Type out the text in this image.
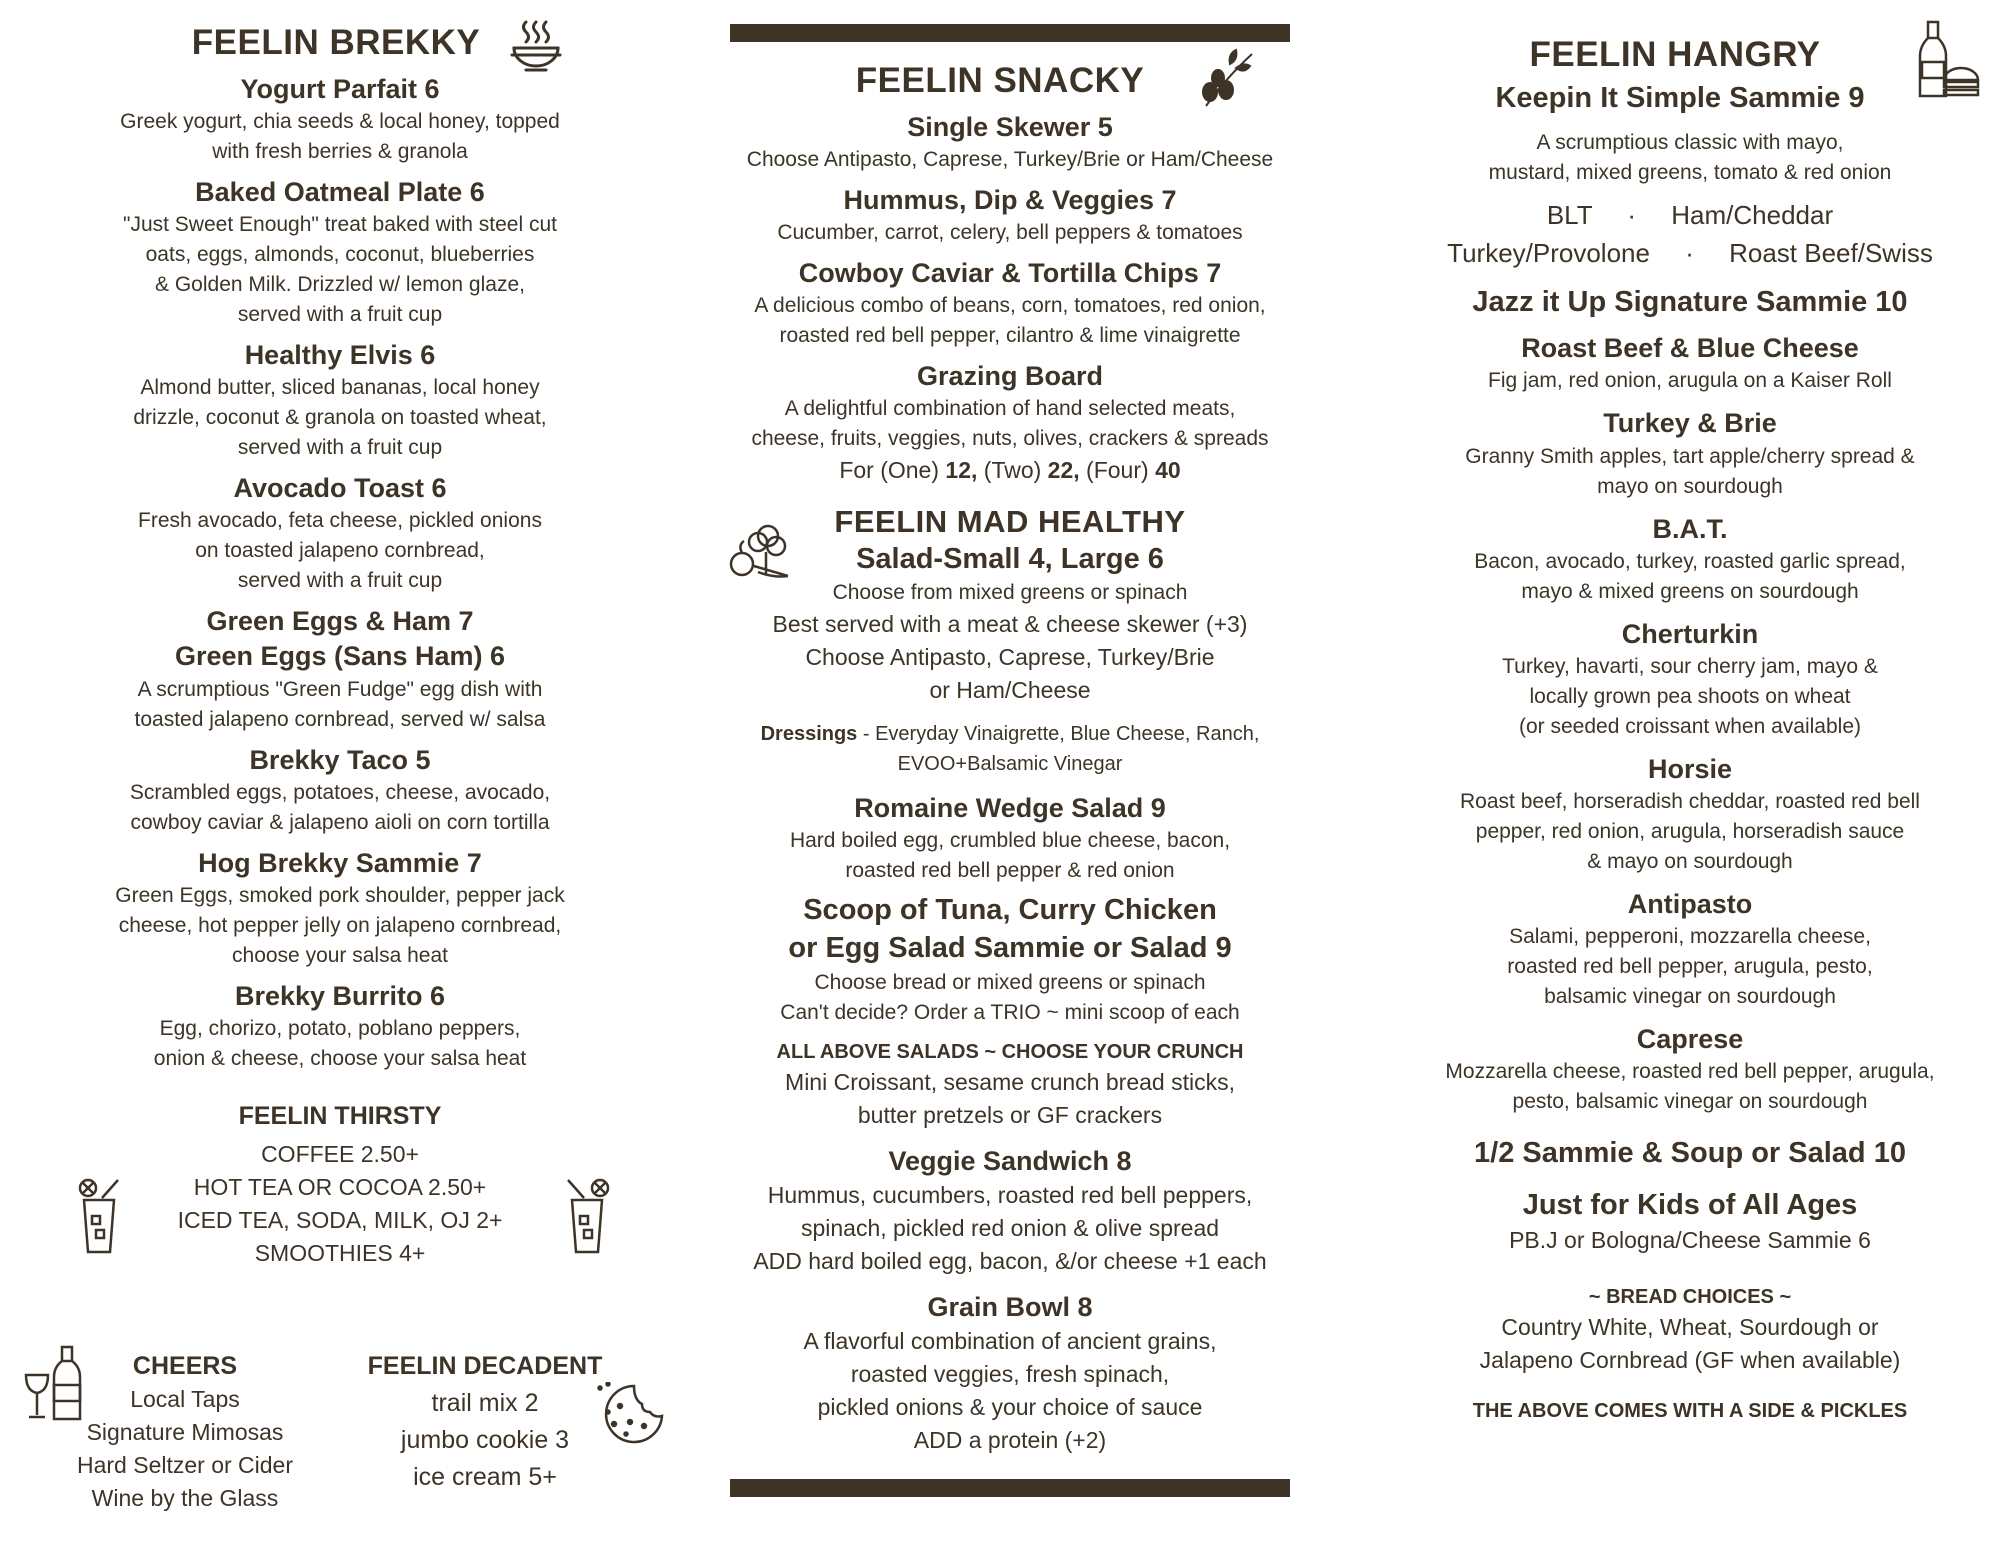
FEELIN BREKKY
Yogurt Parfait 6

Greek yogurt, chia seeds & local honey, topped

with fresh berries & granola

Baked Oatmeal Plate 6

"Just Sweet Enough" treat baked with steel cut

oats, eggs, almonds, coconut, blueberries

& Golden Milk. Drizzled w/ lemon glaze,

served with a fruit cup

Healthy Elvis 6

Almond butter, sliced bananas, local honey

drizzle, coconut & granola on toasted wheat,

served with a fruit cup

Avocado Toast 6

Fresh avocado, feta cheese, pickled onions

on toasted jalapeno cornbread,

served with a fruit cup

Green Eggs & Ham 7
Green Eggs (Sans Ham) 6

A scrumptious "Green Fudge" egg dish with

toasted jalapeno cornbread, served w/ salsa

Brekky Taco 5

Scrambled eggs, potatoes, cheese, avocado,

cowboy caviar & jalapeno aioli on corn tortilla

Hog Brekky Sammie 7

Green Eggs, smoked pork shoulder, pepper jack

cheese, hot pepper jelly on jalapeno cornbread,

choose your salsa heat

Brekky Burrito 6

Egg, chorizo, potato, poblano peppers,

onion & cheese, choose your salsa heat

FEELIN THIRSTY

COFFEE 2.50+

HOT TEA OR COCOA 2.50+

ICED TEA, SODA, MILK, OJ 2+

SMOOTHIES 4+

CHEERS

Local Taps

Signature Mimosas

Hard Seltzer or Cider

Wine by the Glass

FEELIN DECADENT

trail mix 2

jumbo cookie 3

ice cream 5+

FEELIN SNACKY
Single Skewer 5

Choose Antipasto, Caprese, Turkey/Brie or Ham/Cheese

Hummus, Dip & Veggies 7

Cucumber, carrot, celery, bell peppers & tomatoes

Cowboy Caviar & Tortilla Chips 7

A delicious combo of beans, corn, tomatoes, red onion,

roasted red bell pepper, cilantro & lime vinaigrette

Grazing Board

A delightful combination of hand selected meats,

cheese, fruits, veggies, nuts, olives, crackers & spreads

For (One) 12, (Two) 22, (Four) 40

FEELIN MAD HEALTHY
Salad-Small 4, Large 6

Choose from mixed greens or spinach

Best served with a meat & cheese skewer (+3)

Choose Antipasto, Caprese, Turkey/Brie

or Ham/Cheese

Dressings - Everyday Vinaigrette, Blue Cheese, Ranch,

EVOO+Balsamic Vinegar

Romaine Wedge Salad 9

Hard boiled egg, crumbled blue cheese, bacon,

roasted red bell pepper & red onion

Scoop of Tuna, Curry Chicken
or Egg Salad Sammie or Salad 9

Choose bread or mixed greens or spinach

Can't decide? Order a TRIO ~ mini scoop of each

ALL ABOVE SALADS ~ CHOOSE YOUR CRUNCH

Mini Croissant, sesame crunch bread sticks,

butter pretzels or GF crackers

Veggie Sandwich 8

Hummus, cucumbers, roasted red bell peppers,

spinach, pickled red onion & olive spread

ADD hard boiled egg, bacon, &/or cheese +1 each

Grain Bowl 8

A flavorful combination of ancient grains,

roasted veggies, fresh spinach,

pickled onions & your choice of sauce

ADD a protein (+2)

FEELIN HANGRY
Keepin It Simple Sammie 9

A scrumptious classic with mayo,

mustard, mixed greens, tomato & red onion

BLT · Ham/Cheddar

Turkey/Provolone · Roast Beef/Swiss

Jazz it Up Signature Sammie 10
Roast Beef & Blue Cheese

Fig jam, red onion, arugula on a Kaiser Roll

Turkey & Brie

Granny Smith apples, tart apple/cherry spread &

mayo on sourdough

B.A.T.

Bacon, avocado, turkey, roasted garlic spread,

mayo & mixed greens on sourdough

Cherturkin

Turkey, havarti, sour cherry jam, mayo &

locally grown pea shoots on wheat

(or seeded croissant when available)

Horsie

Roast beef, horseradish cheddar, roasted red bell

pepper, red onion, arugula, horseradish sauce

& mayo on sourdough

Antipasto

Salami, pepperoni, mozzarella cheese,

roasted red bell pepper, arugula, pesto,

balsamic vinegar on sourdough

Caprese

Mozzarella cheese, roasted red bell pepper, arugula,

pesto, balsamic vinegar on sourdough

1/2 Sammie & Soup or Salad 10
Just for Kids of All Ages

PB.J or Bologna/Cheese Sammie 6

~ BREAD CHOICES ~

Country White, Wheat, Sourdough or

Jalapeno Cornbread (GF when available)

THE ABOVE COMES WITH A SIDE & PICKLES
